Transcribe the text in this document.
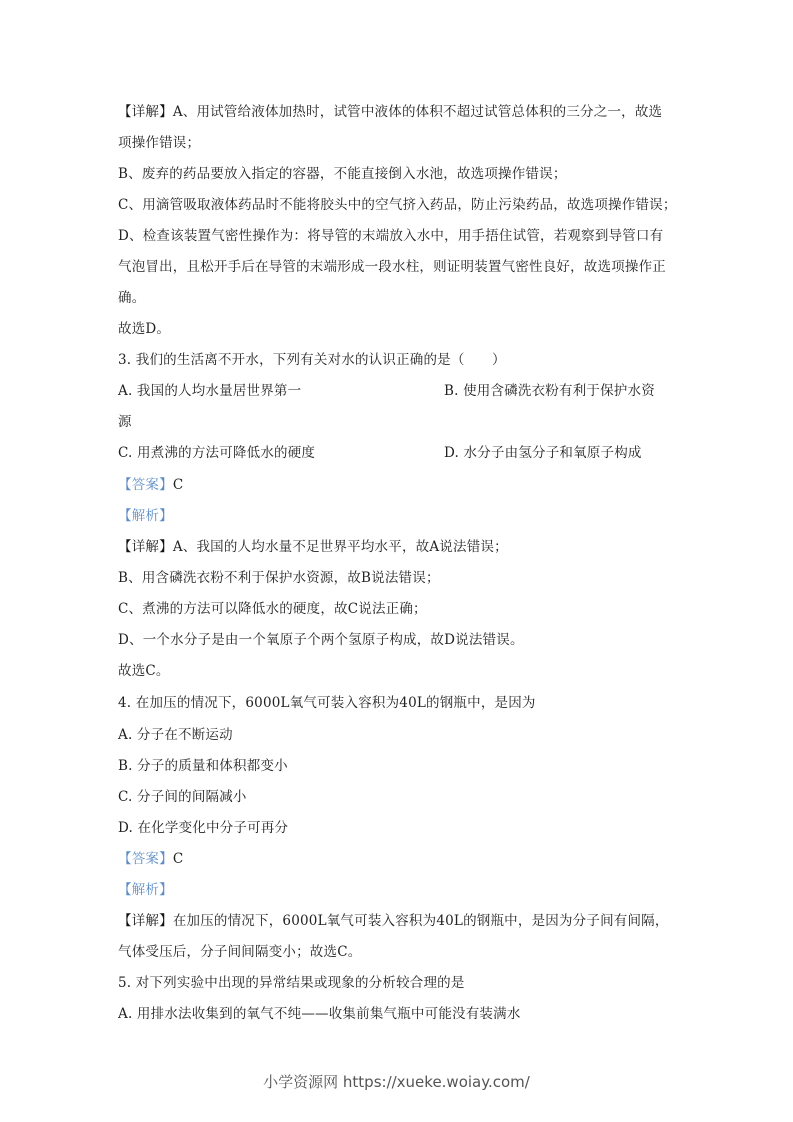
【详解】A、用试管给液体加热时，试管中液体的体积不超过试管总体积的三分之一，故选
项操作错误；
B、废弃的药品要放入指定的容器，不能直接倒入水池，故选项操作错误；
C、用滴管吸取液体药品时不能将胶头中的空气挤入药品，防止污染药品，故选项操作错误；
D、检查该装置气密性操作为：将导管的末端放入水中，用手捂住试管，若观察到导管口有
气泡冒出，且松开手后在导管的末端形成一段水柱，则证明装置气密性良好，故选项操作正
确。
故选D。
3. 我们的生活离不开水，下列有关对水的认识正确的是（　　）
A. 我国的人均水量居世界第一	B. 使用含磷洗衣粉有利于保护水资
源
C. 用煮沸的方法可降低水的硬度	D. 水分子由氢分子和氧原子构成
【答案】C
【解析】
【详解】A、我国的人均水量不足世界平均水平，故A说法错误；
B、用含磷洗衣粉不利于保护水资源，故B说法错误；
C、煮沸的方法可以降低水的硬度，故C说法正确；
D、一个水分子是由一个氧原子个两个氢原子构成，故D说法错误。
故选C。
4. 在加压的情况下，6000L氧气可装入容积为40L的钢瓶中，是因为
A. 分子在不断运动
B. 分子的质量和体积都变小
C. 分子间的间隔减小
D. 在化学变化中分子可再分
【答案】C
【解析】
【详解】在加压的情况下，6000L氧气可装入容积为40L的钢瓶中，是因为分子间有间隔，
气体受压后，分子间间隔变小；故选C。
5. 对下列实验中出现的异常结果或现象的分析较合理的是
A. 用排水法收集到的氧气不纯——收集前集气瓶中可能没有装满水
小学资源网 https://xueke.woiay.com/
